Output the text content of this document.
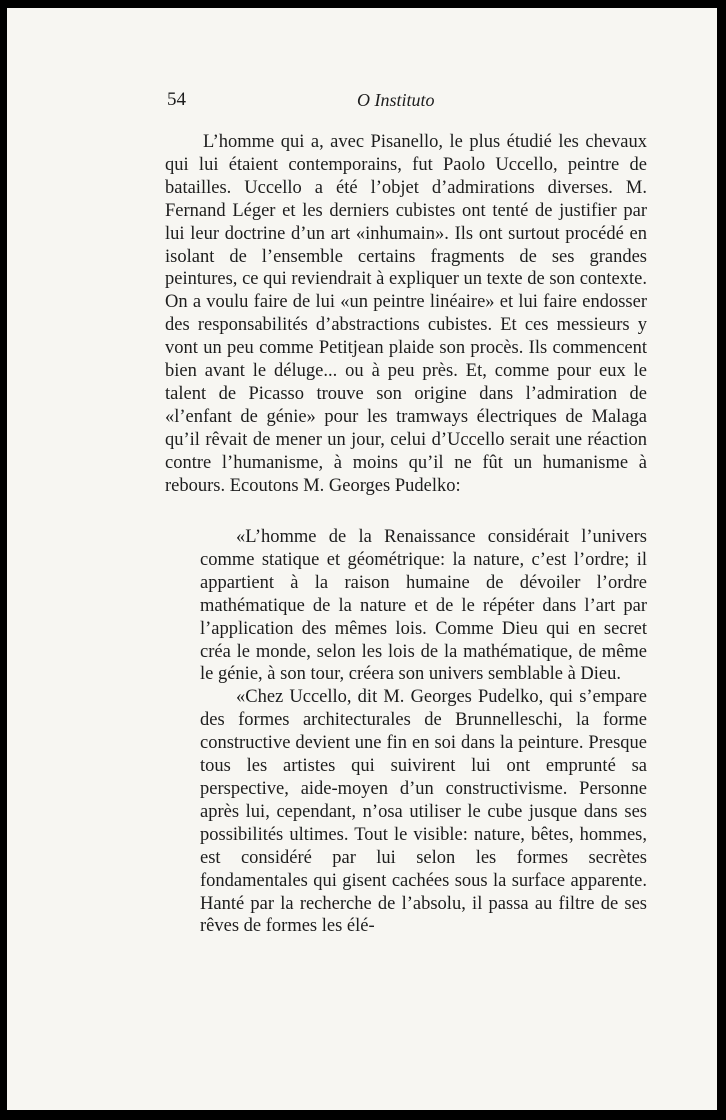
54	O Instituto

L’homme qui a, avec Pisanello, le plus étudié les chevaux qui lui étaient contemporains, fut Paolo Uccello, peintre de batailles. Uccello a été l’objet d’admirations diverses. M. Fernand Léger et les derniers cubistes ont tenté de justifier par lui leur doctrine d’un art «inhumain». Ils ont surtout procédé en isolant de l’ensemble certains fragments de ses grandes peintures, ce qui reviendrait à expliquer un texte de son contexte. On a voulu faire de lui «un peintre linéaire» et lui faire endosser des responsabilités d’abstractions cubistes. Et ces messieurs y vont un peu comme Petitjean plaide son procès. Ils commencent bien avant le déluge... ou à peu près. Et, comme pour eux le talent de Picasso trouve son origine dans l’admiration de «l’enfant de génie» pour les tramways électriques de Malaga qu’il rêvait de mener un jour, celui d’Uccello serait une réaction contre l’humanisme, à moins qu’il ne fût un humanisme à rebours. Ecoutons M. Georges Pudelko:

«L’homme de la Renaissance considérait l’univers comme statique et géométrique: la nature, c’est l’ordre; il appartient à la raison humaine de dévoiler l’ordre mathématique de la nature et de le répéter dans l’art par l’application des mêmes lois. Comme Dieu qui en secret créa le monde, selon les lois de la mathématique, de même le génie, à son tour, créera son univers semblable à Dieu.

«Chez Uccello, dit M. Georges Pudelko, qui s’empare des formes architecturales de Brunnelleschi, la forme constructive devient une fin en soi dans la peinture. Presque tous les artistes qui suivirent lui ont emprunté sa perspective, aide-moyen d’un constructivisme. Personne après lui, cependant, n’osa utiliser le cube jusque dans ses possibilités ultimes. Tout le visible: nature, bêtes, hommes, est considéré par lui selon les formes secrètes fondamentales qui gisent cachées sous la surface apparente. Hanté par la recherche de l’absolu, il passa au filtre de ses rêves de formes les élé-
